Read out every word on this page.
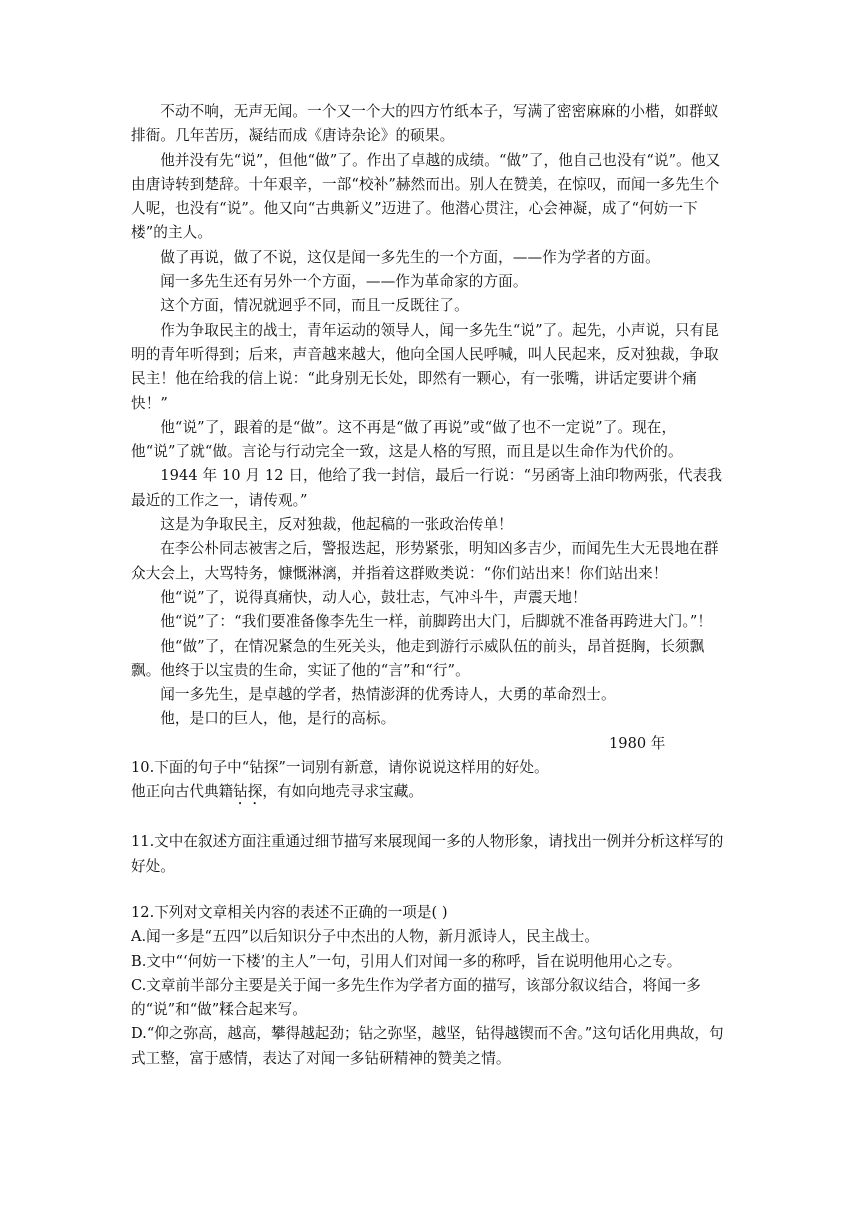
不动不响，无声无闻。一个又一个大的四方竹纸本子，写满了密密麻麻的小楷，如群蚁排衙。几年苦历，凝结而成《唐诗杂论》的硕果。

他并没有先“说”，但他“做”了。作出了卓越的成绩。“做”了，他自己也没有“说”。他又由唐诗转到楚辞。十年艰辛，一部“校补”赫然而出。别人在赞美，在惊叹，而闻一多先生个人呢，也没有“说”。他又向“古典新义”迈进了。他潜心贯注，心会神凝，成了“何妨一下楼”的主人。

做了再说，做了不说，这仅是闻一多先生的一个方面，——作为学者的方面。

闻一多先生还有另外一个方面，——作为革命家的方面。

这个方面，情况就迥乎不同，而且一反既往了。

作为争取民主的战士，青年运动的领导人，闻一多先生“说”了。起先，小声说，只有昆明的青年听得到；后来，声音越来越大，他向全国人民呼喊，叫人民起来，反对独裁，争取民主！他在给我的信上说：“此身别无长处，即然有一颗心，有一张嘴，讲话定要讲个痛快！”

他“说”了，跟着的是“做”。这不再是“做了再说”或“做了也不一定说”了。现在，他“说”了就“做。言论与行动完全一致，这是人格的写照，而且是以生命作为代价的。

1944 年 10 月 12 日，他给了我一封信，最后一行说：“另函寄上油印物两张，代表我最近的工作之一，请传观。”

这是为争取民主，反对独裁，他起稿的一张政治传单！

在李公朴同志被害之后，警报迭起，形势紧张，明知凶多吉少，而闻先生大无畏地在群众大会上，大骂特务，慷慨淋漓，并指着这群败类说：“你们站出来！你们站出来！

他“说”了，说得真痛快，动人心，鼓壮志，气冲斗牛，声震天地！

他“说”了：“我们要准备像李先生一样，前脚跨出大门，后脚就不准备再跨进大门。”！

他“做”了，在情况紧急的生死关头，他走到游行示威队伍的前头，昂首挺胸，长须飘飘。他终于以宝贵的生命，实证了他的“言”和“行”。

闻一多先生，是卓越的学者，热情澎湃的优秀诗人，大勇的革命烈士。

他，是口的巨人，他，是行的高标。

1980 年

10.下面的句子中“钻探”一词别有新意，请你说说这样用的好处。

他正向古代典籍钻探，有如向地壳寻求宝藏。

11.文中在叙述方面注重通过细节描写来展现闻一多的人物形象，请找出一例并分析这样写的好处。

12.下列对文章相关内容的表述不正确的一项是( )

A.闻一多是“五四”以后知识分子中杰出的人物，新月派诗人，民主战士。

B.文中“‘何妨一下楼’的主人”一句，引用人们对闻一多的称呼，旨在说明他用心之专。

C.文章前半部分主要是关于闻一多先生作为学者方面的描写，该部分叙议结合，将闻一多的“说”和“做”糅合起来写。

D.“仰之弥高，越高，攀得越起劲；钻之弥坚，越坚，钻得越锲而不舍。”这句话化用典故，句式工整，富于感情，表达了对闻一多钻研精神的赞美之情。
